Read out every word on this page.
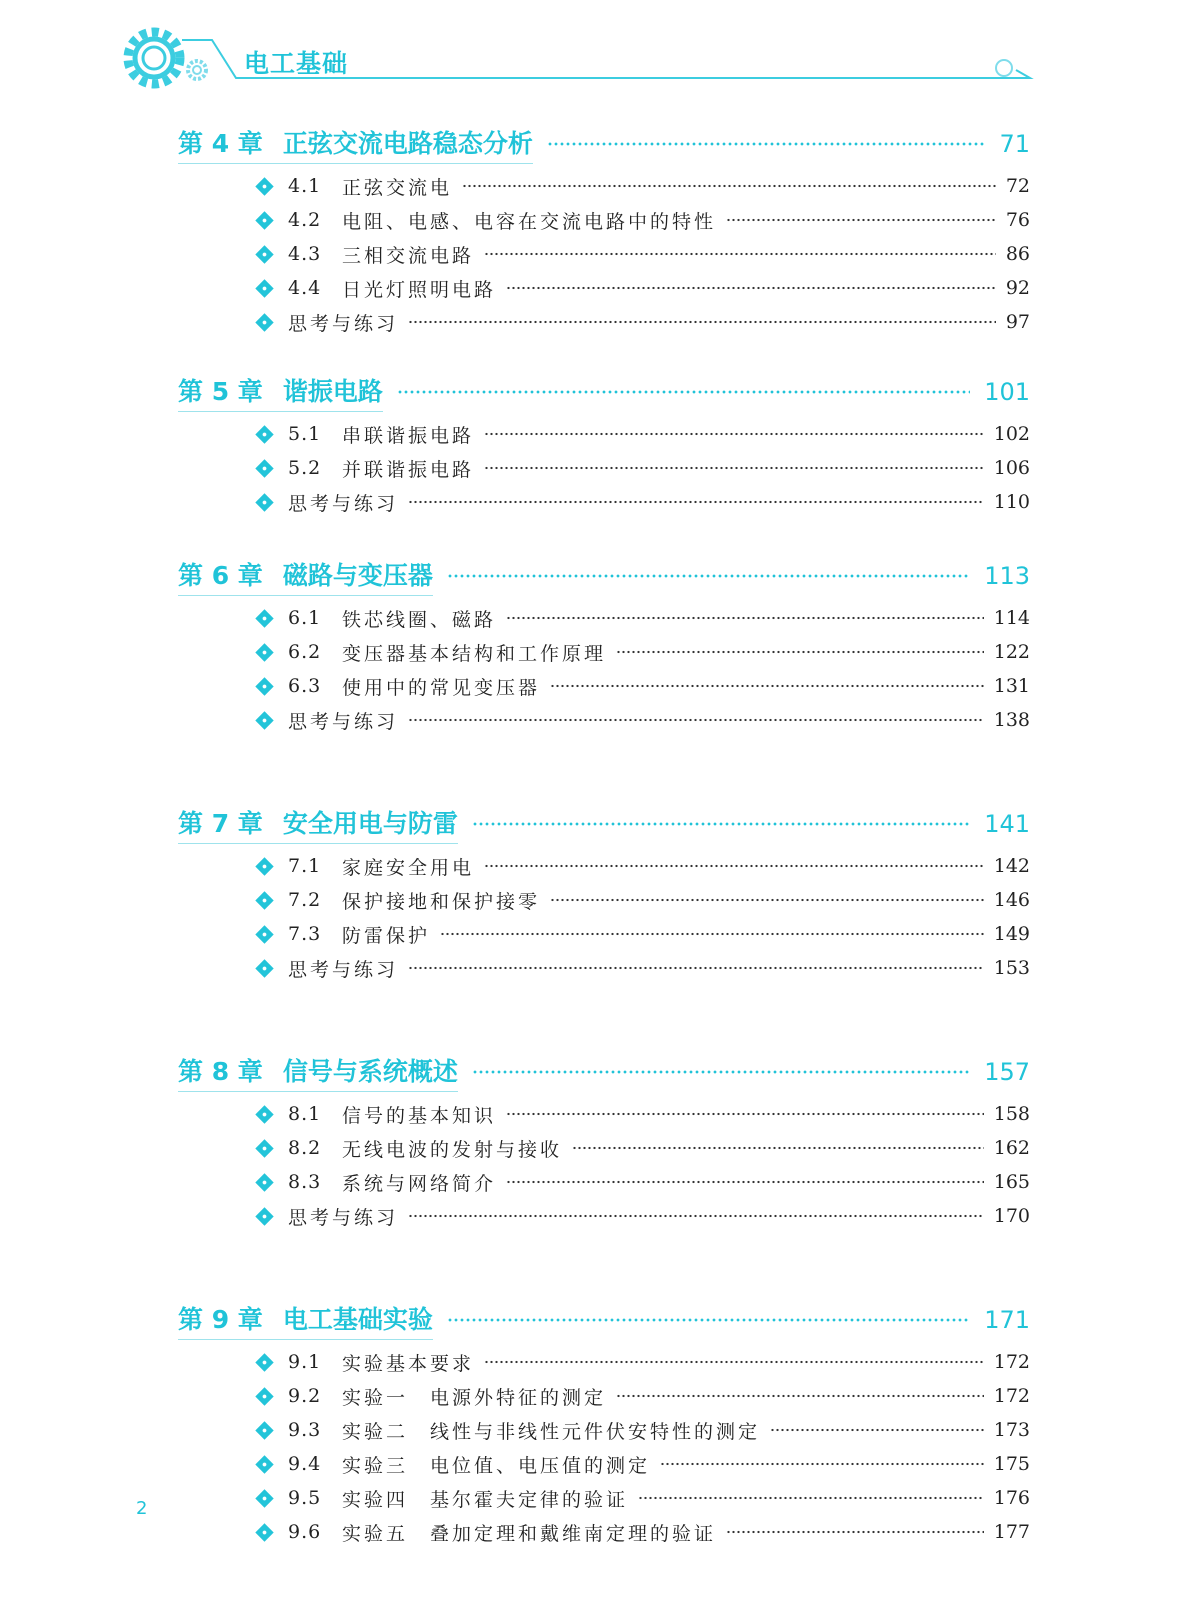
电工基础
第 4 章 正弦交流电路稳态分析	71
4.1	正弦交流电	72
4.2	电阻、电感、电容在交流电路中的特性	76
4.3	三相交流电路	86
4.4	日光灯照明电路	92
思考与练习	97
第 5 章 谐振电路	101
5.1	串联谐振电路	102
5.2	并联谐振电路	106
思考与练习	110
第 6 章 磁路与变压器	113
6.1	铁芯线圈、磁路	114
6.2	变压器基本结构和工作原理	122
6.3	使用中的常见变压器	131
思考与练习	138
第 7 章 安全用电与防雷	141
7.1	家庭安全用电	142
7.2	保护接地和保护接零	146
7.3	防雷保护	149
思考与练习	153
第 8 章 信号与系统概述	157
8.1	信号的基本知识	158
8.2	无线电波的发射与接收	162
8.3	系统与网络简介	165
思考与练习	170
第 9 章 电工基础实验	171
9.1	实验基本要求	172
9.2	实验一　电源外特征的测定	172
9.3	实验二　线性与非线性元件伏安特性的测定	173
9.4	实验三　电位值、电压值的测定	175
9.5	实验四　基尔霍夫定律的验证	176
9.6	实验五　叠加定理和戴维南定理的验证	177
2
